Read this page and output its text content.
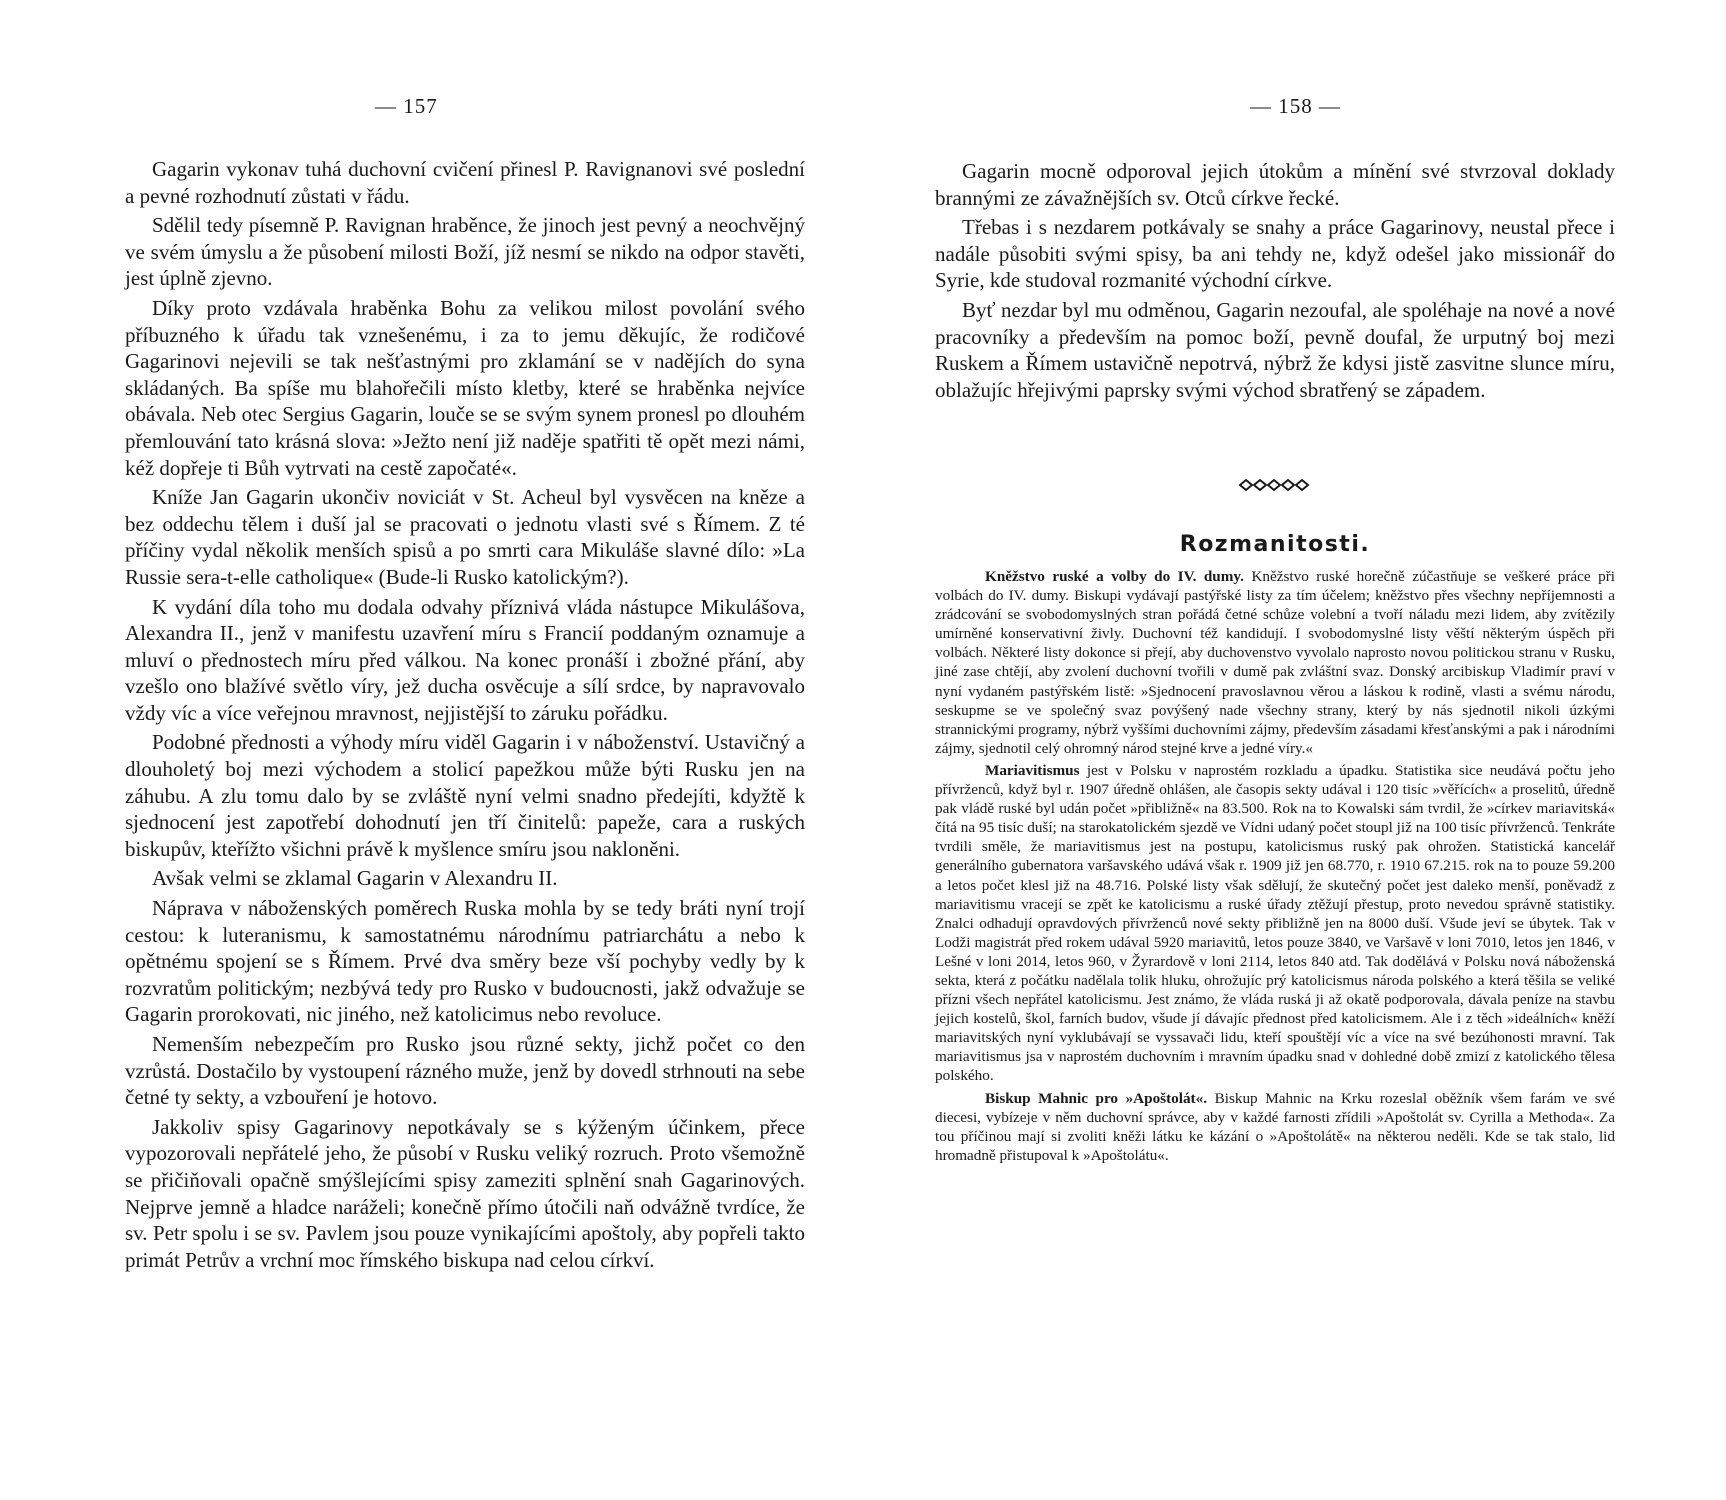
— 157

Gagarin vykonav tuhá duchovní cvičení přinesl P. Ravignanovi své poslední a pevné rozhodnutí zůstati v řádu.

Sdělil tedy písemně P. Ravignan hraběnce, že jinoch jest pevný a neochvějný ve svém úmyslu a že působení milosti Boží, jíž nesmí se nikdo na odpor stavěti, jest úplně zjevno.

Díky proto vzdávala hraběnka Bohu za velikou milost povolání svého příbuzného k úřadu tak vznešenému, i za to jemu děkujíc, že rodičové Gagarinovi nejevili se tak nešťastnými pro zklamání se v nadějích do syna skládaných. Ba spíše mu blahořečili místo kletby, které se hraběnka nejvíce obávala. Neb otec Sergius Gagarin, louče se se svým synem pronesl po dlouhém přemlouvání tato krásná slova: »Ježto není již naděje spatřiti tě opět mezi námi, kéž dopřeje ti Bůh vytrvati na cestě započaté«.

Kníže Jan Gagarin ukončiv noviciát v St. Acheul byl vysvěcen na kněze a bez oddechu tělem i duší jal se pracovati o jednotu vlasti své s Římem. Z té příčiny vydal několik menších spisů a po smrti cara Mikuláše slavné dílo: »La Russie sera-t-elle catholique« (Bude-li Rusko katolickým?).

K vydání díla toho mu dodala odvahy příznivá vláda nástupce Mikulášova, Alexandra II., jenž v manifestu uzavření míru s Francií poddaným oznamuje a mluví o přednostech míru před válkou. Na konec pronáší i zbožné přání, aby vzešlo ono blažívé světlo víry, jež ducha osvěcuje a sílí srdce, by napravovalo vždy víc a více veřejnou mravnost, nejjistější to záruku pořádku.

Podobné přednosti a výhody míru viděl Gagarin i v náboženství. Ustavičný a dlouholetý boj mezi východem a stolicí papežkou může býti Rusku jen na záhubu. A zlu tomu dalo by se zvláště nyní velmi snadno předejíti, kdyžtě k sjednocení jest zapotřebí dohodnutí jen tří činitelů: papeže, cara a ruských biskupův, kteřížto všichni právě k myšlence smíru jsou nakloněni.

Avšak velmi se zklamal Gagarin v Alexandru II.

Náprava v náboženských poměrech Ruska mohla by se tedy bráti nyní trojí cestou: k luteranismu, k samostatnému národnímu patriarchátu a nebo k opětnému spojení se s Římem. Prvé dva směry beze vší pochyby vedly by k rozvratům politickým; nezbývá tedy pro Rusko v budoucnosti, jakž odvažuje se Gagarin prorokovati, nic jiného, než katolicimus nebo revoluce.

Nemenším nebezpečím pro Rusko jsou různé sekty, jichž počet co den vzrůstá. Dostačilo by vystoupení rázného muže, jenž by dovedl strhnouti na sebe četné ty sekty, a vzbouření je hotovo.

Jakkoliv spisy Gagarinovy nepotkávaly se s kýženým účinkem, přece vypozorovali nepřátelé jeho, že působí v Rusku veliký rozruch. Proto všemožně se přičiňovali opačně smýšlejícími spisy zameziti splnění snah Gagarinových. Nejprve jemně a hladce naráželi; konečně přímo útočili naň odvážně tvrdíce, že sv. Petr spolu i se sv. Pavlem jsou pouze vynikajícími apoštoly, aby popřeli takto primát Petrův a vrchní moc římského biskupa nad celou církví.

— 158 —

Gagarin mocně odporoval jejich útokům a mínění své stvrzoval doklady brannými ze závažnějších sv. Otců církve řecké.

Třebas i s nezdarem potkávaly se snahy a práce Gagarinovy, neustal přece i nadále působiti svými spisy, ba ani tehdy ne, když odešel jako missionář do Syrie, kde studoval rozmanité východní církve.

Byť nezdar byl mu odměnou, Gagarin nezoufal, ale spoléhaje na nové a nové pracovníky a především na pomoc boží, pevně doufal, že urputný boj mezi Ruskem a Římem ustavičně nepotrvá, nýbrž že kdysi jistě zasvitne slunce míru, oblažujíc hřejivými paprsky svými východ sbratřený se západem.

Rozmanitosti.

Kněžstvo ruské a volby do IV. dumy. Kněžstvo ruské horečně zúčastňuje se veškeré práce při volbách do IV. dumy. Biskupi vydávají pastýřské listy za tím účelem; kněžstvo přes všechny nepříjemnosti a zrádcování se svobodomyslných stran pořádá četné schůze volební a tvoří náladu mezi lidem, aby zvítězily umírněné konservativní živly. Duchovní též kandidují. I svobodomyslné listy věští některým úspěch při volbách. Některé listy dokonce si přejí, aby duchovenstvo vyvolalo naprosto novou politickou stranu v Rusku, jiné zase chtějí, aby zvolení duchovní tvořili v dumě pak zvláštní svaz. Donský arcibiskup Vladimír praví v nyní vydaném pastýřském listě: »Sjednocení pravoslavnou věrou a láskou k rodině, vlasti a svému národu, seskupme se ve společný svaz povýšený nade všechny strany, který by nás sjednotil nikoli úzkými strannickými programy, nýbrž vyššími duchovními zájmy, především zásadami křesťanskými a pak i národními zájmy, sjednotil celý ohromný národ stejné krve a jedné víry.«

Mariavitismus jest v Polsku v naprostém rozkladu a úpadku. Statistika sice neudává počtu jeho přívrženců, když byl r. 1907 úředně ohlášen, ale časopis sekty udával i 120 tisíc »věřících« a proselitů, úředně pak vládě ruské byl udán počet »přibližně« na 83.500. Rok na to Kowalski sám tvrdil, že »církev mariavitská« čítá na 95 tisíc duší; na starokatolickém sjezdě ve Vídni udaný počet stoupl již na 100 tisíc přívrženců. Tenkráte tvrdili směle, že mariavitismus jest na postupu, katolicismus ruský pak ohrožen. Statistická kancelář generálního gubernatora varšavského udává však r. 1909 již jen 68.770, r. 1910 67.215. rok na to pouze 59.200 a letos počet klesl již na 48.716. Polské listy však sdělují, že skutečný počet jest daleko menší, poněvadž z mariavitismu vracejí se zpět ke katolicismu a ruské úřady ztěžují přestup, proto nevedou správně statistiky. Znalci odhadují opravdových přívrženců nové sekty přibližně jen na 8000 duší. Všude jeví se úbytek. Tak v Lodži magistrát před rokem udával 5920 mariavitů, letos pouze 3840, ve Varšavě v loni 7010, letos jen 1846, v Lešné v loni 2014, letos 960, v Žyrardově v loni 2114, letos 840 atd. Tak dodělává v Polsku nová náboženská sekta, která z počátku nadělala tolik hluku, ohrožujíc prý katolicismus národa polského a která těšila se veliké přízni všech nepřátel katolicismu. Jest známo, že vláda ruská ji až okatě podporovala, dávala peníze na stavbu jejich kostelů, škol, farních budov, všude jí dávajíc přednost před katolicismem. Ale i z těch »ideálních« kněží mariavitských nyní vyklubávají se vyssavači lidu, kteří spouštějí víc a více na své bezúhonosti mravní. Tak mariavitismus jsa v naprostém duchovním i mravním úpadku snad v dohledné době zmizí z katolického tělesa polského.

Biskup Mahnic pro »Apoštolát«. Biskup Mahnic na Krku rozeslal oběžník všem farám ve své diecesi, vybízeje v něm duchovní správce, aby v každé farnosti zřídili »Apoštolát sv. Cyrilla a Methoda«. Za tou příčinou mají si zvoliti kněži látku ke kázání o »Apoštolátě« na některou neděli. Kde se tak stalo, lid hromadně přistupoval k »Apoštolátu«.
